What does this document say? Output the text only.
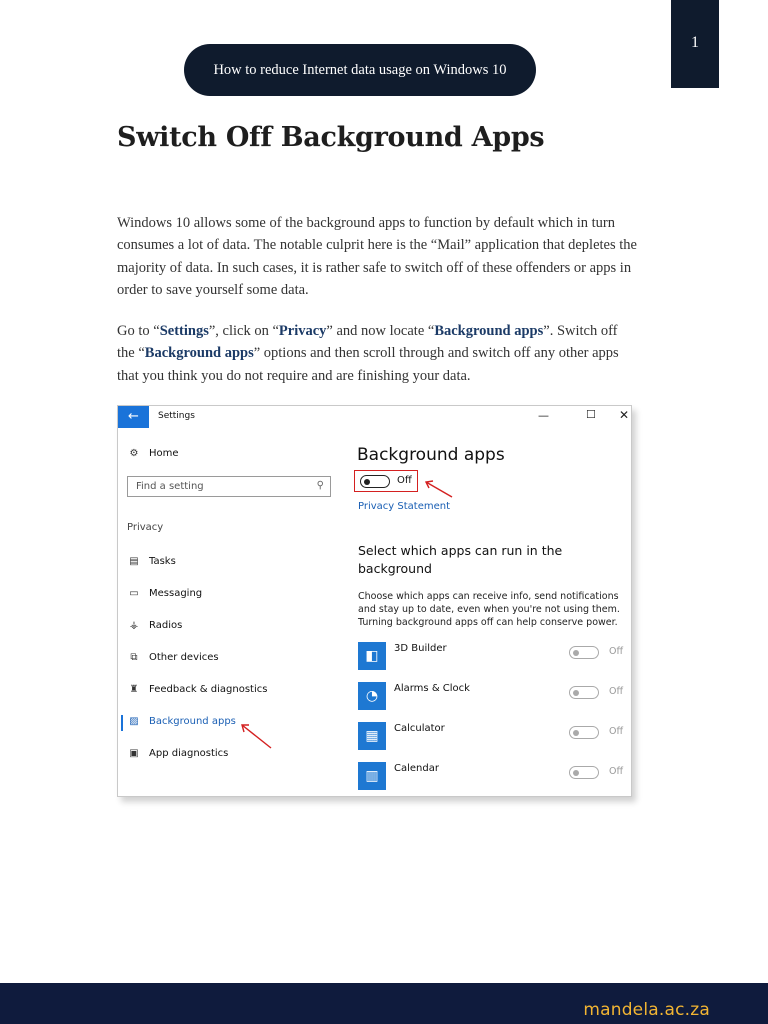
1
How to reduce Internet data usage on Windows 10
Switch Off Background Apps

Windows 10 allows some of the background apps to function by default which in turn consumes a lot of data. The notable culprit here is the “Mail” application that depletes the majority of data. In such cases, it is rather safe to switch off of these offenders or apps in order to save yourself some data.

Go to “Settings”, click on “Privacy” and now locate “Background apps”. Switch off the “Background apps” options and then scroll through and switch off any other apps that you think you do not require and are finishing your data.

←	Settings	—	☐ ✕
⚙ Home
Find a setting	⚲
Privacy
▤ Tasks
▭ Messaging
⚶ Radios
⧉	Other devices
♜ Feedback & diagnostics
▨ Background apps
▣ App diagnostics
Background apps
Off
Privacy Statement
Select which apps can run in the background
Choose which apps can receive info, send notifications and stay up to date, even when you're not using them. Turning background apps off can help conserve power.
◧	3D Builder	Off
◔	Alarms & Clock	Off
▦	Calculator	Off
▥	Calendar	Off
mandela.ac.za
